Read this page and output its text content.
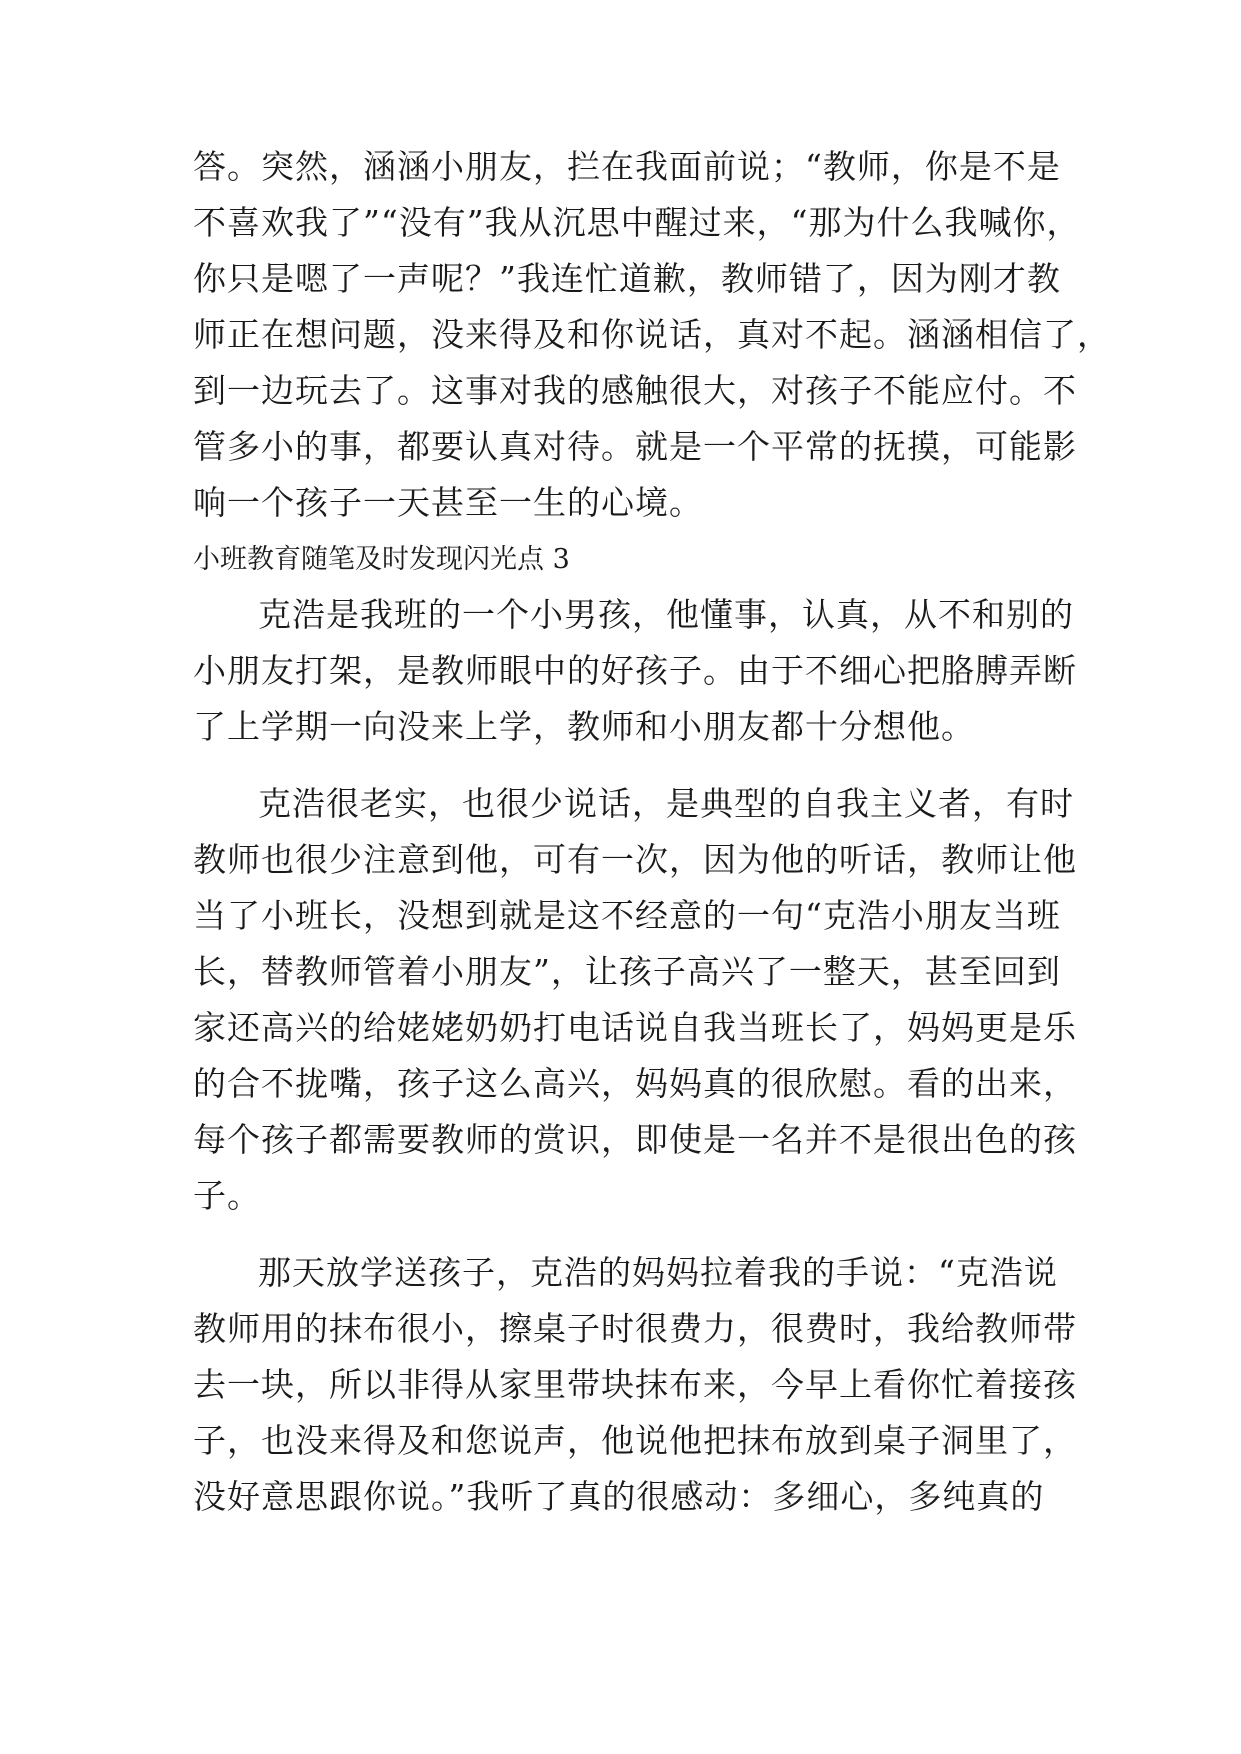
答。突然，涵涵小朋友，拦在我面前说；“教师，你是不是
不喜欢我了”“没有”我从沉思中醒过来，“那为什么我喊你，
你只是嗯了一声呢？”我连忙道歉，教师错了，因为刚才教
师正在想问题，没来得及和你说话，真对不起。涵涵相信了，
到一边玩去了。这事对我的感触很大，对孩子不能应付。不
管多小的事，都要认真对待。就是一个平常的抚摸，可能影
响一个孩子一天甚至一生的心境。
小班教育随笔及时发现闪光点 3
克浩是我班的一个小男孩，他懂事，认真，从不和别的
小朋友打架，是教师眼中的好孩子。由于不细心把胳膊弄断
了上学期一向没来上学，教师和小朋友都十分想他。
克浩很老实，也很少说话，是典型的自我主义者，有时
教师也很少注意到他，可有一次，因为他的听话，教师让他
当了小班长，没想到就是这不经意的一句“克浩小朋友当班
长，替教师管着小朋友”，让孩子高兴了一整天，甚至回到
家还高兴的给姥姥奶奶打电话说自我当班长了，妈妈更是乐
的合不拢嘴，孩子这么高兴，妈妈真的很欣慰。看的出来，
每个孩子都需要教师的赏识，即使是一名并不是很出色的孩
子。
那天放学送孩子，克浩的妈妈拉着我的手说：“克浩说
教师用的抹布很小，擦桌子时很费力，很费时，我给教师带
去一块，所以非得从家里带块抹布来，今早上看你忙着接孩
子，也没来得及和您说声，他说他把抹布放到桌子洞里了，
没好意思跟你说。”我听了真的很感动：多细心，多纯真的
